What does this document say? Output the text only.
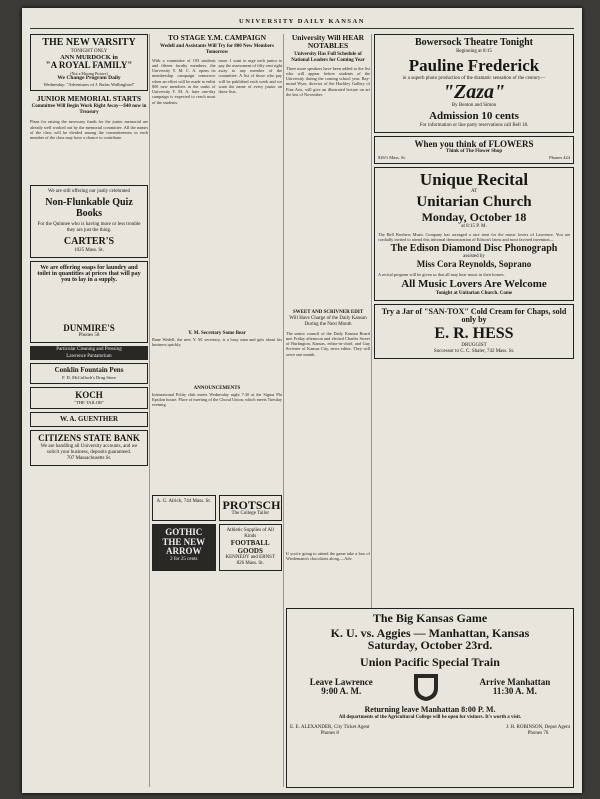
UNIVERSITY DAILY KANSAN
THE NEW VARSITY
TONIGHT ONLY
ANN MURDOCK in
"A ROYAL FAMILY"
(Not a Moving Picture)
We Change Program Daily
Wednesday: "Adventures of J. Rufus Wallingford"
JUNIOR MEMORIAL STARTS
Committee Will Begin Work Right Away—$40 now in Treasury
Plans for raising the necessary funds for the junior memorial are already well worked out by the memorial committee. All the names of the class will be divided among the committeemen so each member of the class may have a chance to contribute.
We are still offering our justly celebrated
Non-Flunkable Quiz Books
For the Quinnee who is having more or less trouble they are just the thing.
CARTER'S
1025 Mass. St.
We are offering soaps for laundry and toilet in quantities at prices that will pay you to lay in a supply.
DUNMIRE'S
Phones 58
Particular Cleaning and Pressing
Lawrence Pantatorium
Conklin Fountain Pens
F. D. McCulloch's Drug Store
KOCH
"THE TAILOR"
W. A. GUENTHER
CITIZENS STATE BANK
We are handling all University accounts, and we solicit your business, deposits guaranteed.
707 Massachusetts St.
TO STAGE Y.M. CAMPAIGN
Wedell and Assistants Will Try for 800 New Members Tomorrow
With a committee of 103 students and fifteen faculty members, the University Y. M. C. A. opens its membership campaign tomorrow when an effort will be made to enlist 800 new members in the ranks of University Y. M. A. later one-day campaign is expected to reach most of the students.
more. I want to urge each junior to pay the assessment of fifty cent right away to any member of the committee. A list of those who pay will be published each week and we want the name of every junior on those lists.
Y. M. Secretary Some Bear
Rane Wedell, the new Y. M. secretary, is a busy man and gets about his business quickly.
ANNOUNCEMENTS
International Polity club meets Wednesday night 7:30 at the Sigma Phi Epsilon house. Place of meeting of the Choral Union, which meets Tuesday evening.
A. G. Alrich, 744 Mass. St. PROTSCH
The College Tailor
GOTHIC THE NEW ARROW
2 for 25 cents
Athletic Supplies of All Kinds
FOOTBALL GOODS
KENNEDY and ERNST
826 Mass. St.
University Will HEAR NOTABLES
University Has Full Schedule of National Leaders for Coming Year
Three more speakers have been added to the list who will appear before students of the University during the coming school year. Ray-mond Wyer, director of the Hackley Gallery of Fine Arts, will give an illustrated lecture on art the last of November.
SWEET AND SCRIVNER EDIT
Will Have Charge of the Daily Kansan During the Next Month
The senior council of the Daily Kansan Board met Friday afternoon and elected Charles Sweet of Burlington, Kansas, editor-in-chief, and Guy Scrivner of Kansas City, news editor. They will serve one month.
If you're going to attend the game take a box of Wiedemann's chocolates along.—Adv.
Bowersock Theatre Tonight
Beginning at 8:15
Pauline Frederick
in a superb photo production of the dramatic sensation of the century—
"Zaza"
By Benton and Simon
Admission 10 cents
For information or line party reservations call Bell 18.
When you think of FLOWERS
Think of The Flower Shop
826½ Mass. St.	Phones 424
Unique Recital
AT
Unitarian Church
Monday, October 18
at 8:15 P. M.
The Bell Brothers Music Company has arranged a rare treat for the music lovers of Lawrence. You are cordially invited to attend this informal demonstration of Edison's latest and most favored invention—
The Edison Diamond Disc Phonograph
assisted by
Miss Cora Reynolds, Soprano
A recital program will be given so that all may hear music in their homes.
All Music Lovers Are Welcome
Tonight at Unitarian Church. Come
Try a Jar of "SAN-TOX" Cold Cream for Chaps, sold only by
E. R. HESS
DRUGGIST
Successor to C. C. Shaler, 742 Mass. St.
The Big Kansas Game
K. U. vs. Aggies — Manhattan, Kansas
Saturday, October 23rd.
Union Pacific Special Train
Leave Lawrence
9:00 A. M.
Arrive Manhattan
11:30 A. M.
Returning leave Manhattan 8:00 P. M.
All departments of the Agricultural College will be open for visitors. It's worth a visit.
E. E. ALEXANDER, City Ticket Agent
Phones 8
J. H. ROBINSON, Depot Agent
Phones 76
